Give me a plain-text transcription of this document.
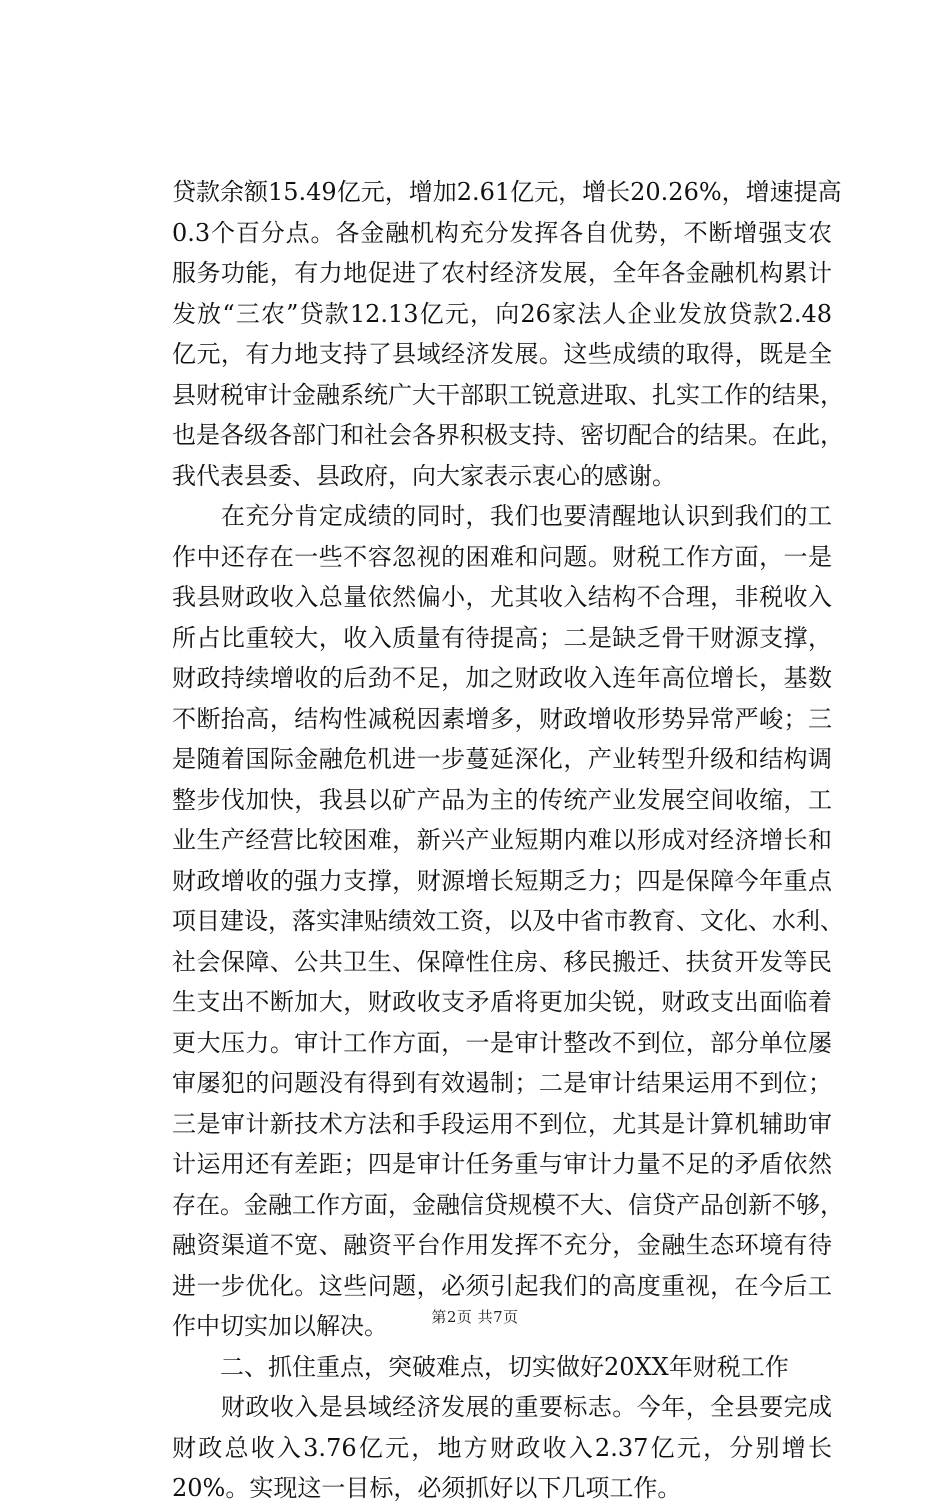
贷款余额15.49亿元，增加2.61亿元，增长20.26%，增速提高
0.3个百分点。各金融机构充分发挥各自优势，不断增强支农
服务功能，有力地促进了农村经济发展，全年各金融机构累计
发放“三农”贷款12.13亿元，向26家法人企业发放贷款2.48
亿元，有力地支持了县域经济发展。这些成绩的取得，既是全
县财税审计金融系统广大干部职工锐意进取、扎实工作的结果，
也是各级各部门和社会各界积极支持、密切配合的结果。在此，
我代表县委、县政府，向大家表示衷心的感谢。
　　在充分肯定成绩的同时，我们也要清醒地认识到我们的工
作中还存在一些不容忽视的困难和问题。财税工作方面，一是
我县财政收入总量依然偏小，尤其收入结构不合理，非税收入
所占比重较大，收入质量有待提高；二是缺乏骨干财源支撑，
财政持续增收的后劲不足，加之财政收入连年高位增长，基数
不断抬高，结构性减税因素增多，财政增收形势异常严峻；三
是随着国际金融危机进一步蔓延深化，产业转型升级和结构调
整步伐加快，我县以矿产品为主的传统产业发展空间收缩，工
业生产经营比较困难，新兴产业短期内难以形成对经济增长和
财政增收的强力支撑，财源增长短期乏力；四是保障今年重点
项目建设，落实津贴绩效工资，以及中省市教育、文化、水利、
社会保障、公共卫生、保障性住房、移民搬迁、扶贫开发等民
生支出不断加大，财政收支矛盾将更加尖锐，财政支出面临着
更大压力。审计工作方面，一是审计整改不到位，部分单位屡
审屡犯的问题没有得到有效遏制；二是审计结果运用不到位；
三是审计新技术方法和手段运用不到位，尤其是计算机辅助审
计运用还有差距；四是审计任务重与审计力量不足的矛盾依然
存在。金融工作方面，金融信贷规模不大、信贷产品创新不够，
融资渠道不宽、融资平台作用发挥不充分，金融生态环境有待
进一步优化。这些问题，必须引起我们的高度重视，在今后工
作中切实加以解决。
　　二、抓住重点，突破难点，切实做好20XX年财税工作
　　财政收入是县域经济发展的重要标志。今年，全县要完成
财政总收入3.76亿元，地方财政收入2.37亿元，分别增长
20%。实现这一目标，必须抓好以下几项工作。
第2页 共7页
